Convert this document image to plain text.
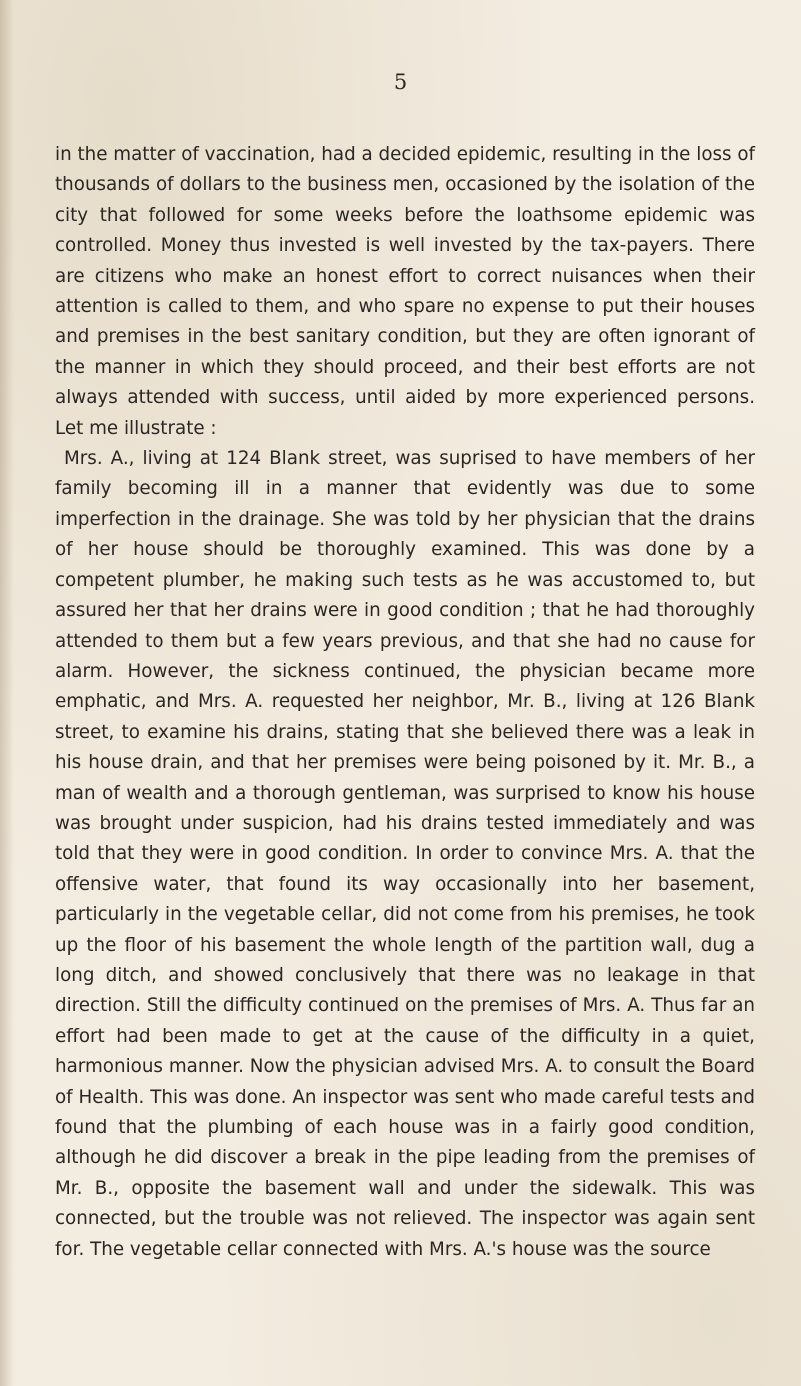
5

in the matter of vaccination, had a decided epidemic, resulting in the loss of thousands of dollars to the business men, occasioned by the isolation of the city that followed for some weeks before the loathsome epidemic was controlled. Money thus invested is well invested by the tax-payers. There are citizens who make an honest effort to correct nuisances when their attention is called to them, and who spare no expense to put their houses and premises in the best sanitary condition, but they are often ignorant of the manner in which they should proceed, and their best efforts are not always attended with success, until aided by more experienced persons. Let me illustrate :

Mrs. A., living at 124 Blank street, was suprised to have members of her family becoming ill in a manner that evidently was due to some imperfection in the drainage. She was told by her physician that the drains of her house should be thoroughly examined. This was done by a competent plumber, he making such tests as he was accustomed to, but assured her that her drains were in good condition ; that he had thoroughly attended to them but a few years previous, and that she had no cause for alarm. However, the sickness continued, the physician became more emphatic, and Mrs. A. requested her neighbor, Mr. B., living at 126 Blank street, to examine his drains, stating that she believed there was a leak in his house drain, and that her premises were being poisoned by it. Mr. B., a man of wealth and a thorough gentleman, was surprised to know his house was brought under suspicion, had his drains tested immediately and was told that they were in good condition. In order to convince Mrs. A. that the offensive water, that found its way occasionally into her basement, particularly in the vegetable cellar, did not come from his premises, he took up the floor of his basement the whole length of the partition wall, dug a long ditch, and showed conclusively that there was no leakage in that direction. Still the difficulty continued on the premises of Mrs. A. Thus far an effort had been made to get at the cause of the difficulty in a quiet, harmonious manner. Now the physician advised Mrs. A. to consult the Board of Health. This was done. An inspector was sent who made careful tests and found that the plumbing of each house was in a fairly good condition, although he did discover a break in the pipe leading from the premises of Mr. B., opposite the basement wall and under the sidewalk. This was connected, but the trouble was not relieved. The inspector was again sent for. The vegetable cellar connected with Mrs. A.'s house was the source
